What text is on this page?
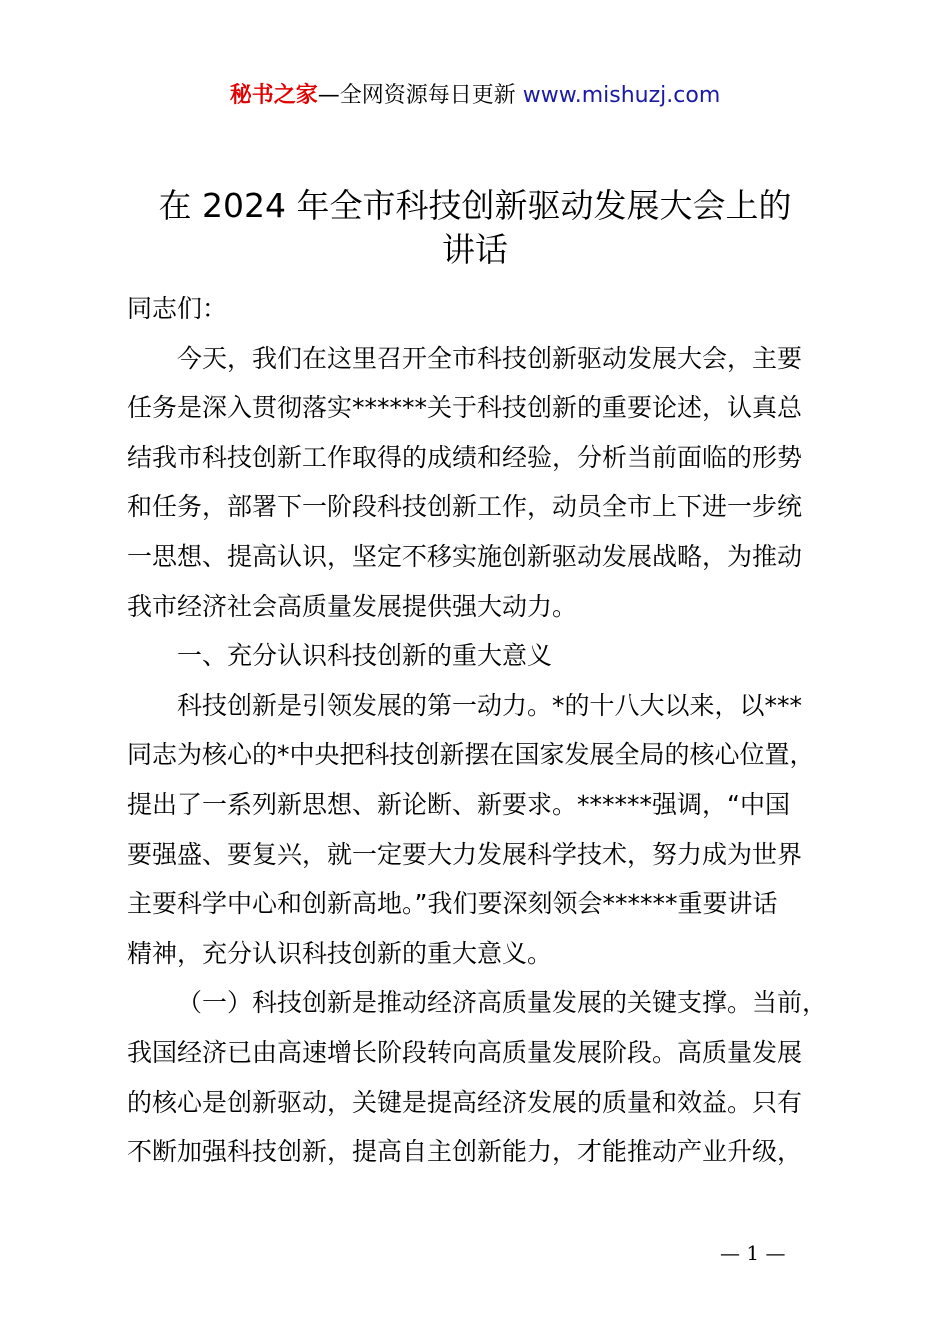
秘书之家—全网资源每日更新 www.mishuzj.com
在 2024 年全市科技创新驱动发展大会上的
讲话
同志们：
今天，我们在这里召开全市科技创新驱动发展大会，主要
任务是深入贯彻落实******关于科技创新的重要论述，认真总
结我市科技创新工作取得的成绩和经验，分析当前面临的形势
和任务，部署下一阶段科技创新工作，动员全市上下进一步统
一思想、提高认识，坚定不移实施创新驱动发展战略，为推动
我市经济社会高质量发展提供强大动力。
一、充分认识科技创新的重大意义
科技创新是引领发展的第一动力。*的十八大以来，以***
同志为核心的*中央把科技创新摆在国家发展全局的核心位置，
提出了一系列新思想、新论断、新要求。******强调，“中国
要强盛、要复兴，就一定要大力发展科学技术，努力成为世界
主要科学中心和创新高地。”我们要深刻领会******重要讲话
精神，充分认识科技创新的重大意义。
（一）科技创新是推动经济高质量发展的关键支撑。当前，
我国经济已由高速增长阶段转向高质量发展阶段。高质量发展
的核心是创新驱动，关键是提高经济发展的质量和效益。只有
不断加强科技创新，提高自主创新能力，才能推动产业升级，
— 1 —
